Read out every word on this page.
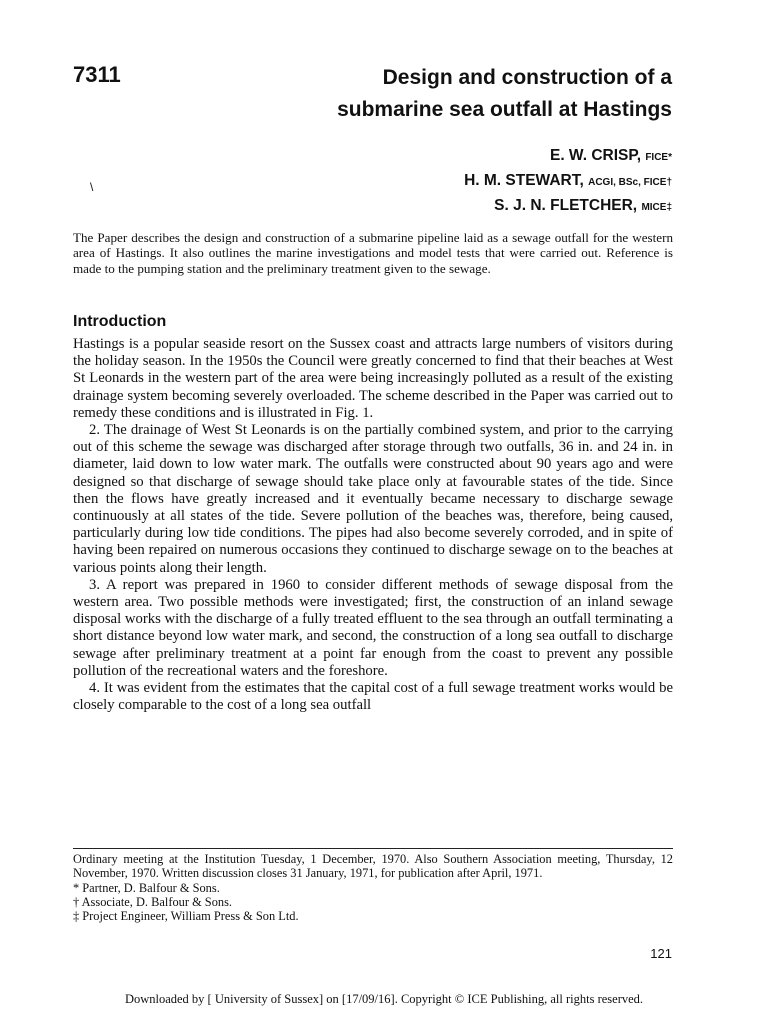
7311	Design and construction of a
submarine sea outfall at Hastings
E. W. CRISP, FICE*
H. M. STEWART, ACGI, BSc, FICE†
S. J. N. FLETCHER, MICE‡
\
The Paper describes the design and construction of a submarine pipeline laid as a sewage outfall for the western area of Hastings. It also outlines the marine investigations and model tests that were carried out. Reference is made to the pumping station and the preliminary treatment given to the sewage.
Introduction

Hastings is a popular seaside resort on the Sussex coast and attracts large numbers of visitors during the holiday season. In the 1950s the Council were greatly concerned to find that their beaches at West St Leonards in the western part of the area were being increasingly polluted as a result of the existing drainage system becoming severely overloaded. The scheme described in the Paper was carried out to remedy these conditions and is illustrated in Fig. 1.

2. The drainage of West St Leonards is on the partially combined system, and prior to the carrying out of this scheme the sewage was discharged after storage through two outfalls, 36 in. and 24 in. in diameter, laid down to low water mark. The outfalls were constructed about 90 years ago and were designed so that discharge of sewage should take place only at favourable states of the tide. Since then the flows have greatly increased and it eventually became necessary to discharge sewage continuously at all states of the tide. Severe pollution of the beaches was, therefore, being caused, particularly during low tide conditions. The pipes had also become severely corroded, and in spite of having been repaired on numerous occasions they continued to discharge sewage on to the beaches at various points along their length.

3. A report was prepared in 1960 to consider different methods of sewage disposal from the western area. Two possible methods were investigated; first, the construction of an inland sewage disposal works with the discharge of a fully treated effluent to the sea through an outfall terminating a short distance beyond low water mark, and second, the construction of a long sea outfall to discharge sewage after preliminary treatment at a point far enough from the coast to prevent any possible pollution of the recreational waters and the foreshore.

4. It was evident from the estimates that the capital cost of a full sewage treatment works would be closely comparable to the cost of a long sea outfall

Ordinary meeting at the Institution Tuesday, 1 December, 1970. Also Southern Association meeting, Thursday, 12 November, 1970. Written discussion closes 31 January, 1971, for publication after April, 1971.

* Partner, D. Balfour & Sons.

† Associate, D. Balfour & Sons.

‡ Project Engineer, William Press & Son Ltd.

121
Downloaded by [ University of Sussex] on [17/09/16]. Copyright © ICE Publishing, all rights reserved.
